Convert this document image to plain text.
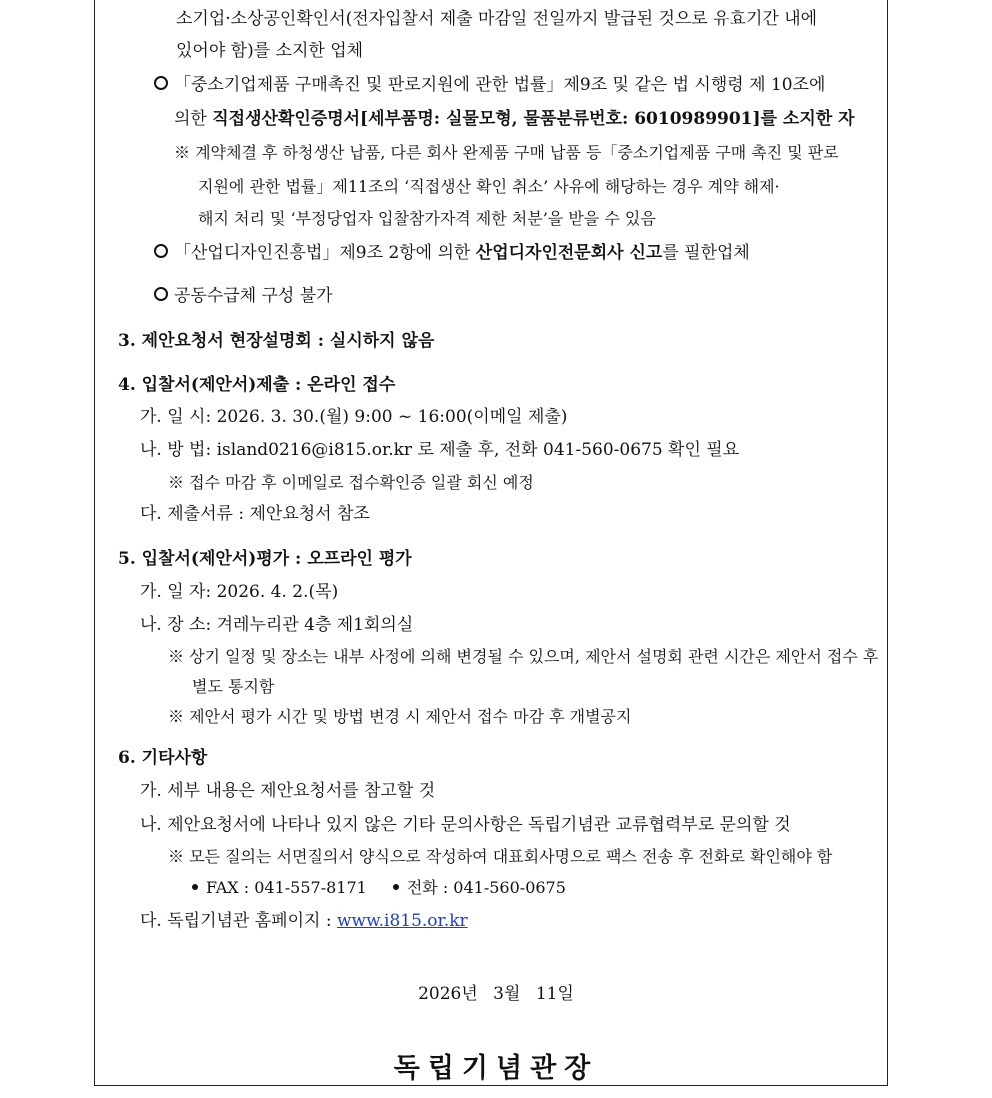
소기업·소상공인확인서(전자입찰서 제출 마감일 전일까지 발급된 것으로 유효기간 내에
있어야 함)를 소지한 업체
「중소기업제품 구매촉진 및 판로지원에 관한 법률」제9조 및 같은 법 시행령 제 10조에
의한 직접생산확인증명서[세부품명: 실물모형, 물품분류번호: 6010989901]를 소지한 자
※ 계약체결 후 하청생산 납품, 다른 회사 완제품 구매 납품 등「중소기업제품 구매 촉진 및 판로
지원에 관한 법률」제11조의 ‘직접생산 확인 취소’ 사유에 해당하는 경우 계약 해제·
해지 처리 및 ‘부정당업자 입찰참가자격 제한 처분’을 받을 수 있음
「산업디자인진흥법」제9조 2항에 의한 산업디자인전문회사 신고를 필한업체
공동수급체 구성 불가
3. 제안요청서 현장설명회 : 실시하지 않음
4. 입찰서(제안서)제출 : 온라인 접수
가. 일 시: 2026. 3. 30.(월) 9:00 ~ 16:00(이메일 제출)
나. 방 법: island0216@i815.or.kr 로 제출 후, 전화 041-560-0675 확인 필요
※ 접수 마감 후 이메일로 접수확인증 일괄 회신 예정
다. 제출서류 : 제안요청서 참조
5. 입찰서(제안서)평가 : 오프라인 평가
가. 일 자: 2026. 4. 2.(목)
나. 장 소: 겨레누리관 4층 제1회의실
※ 상기 일정 및 장소는 내부 사정에 의해 변경될 수 있으며, 제안서 설명회 관련 시간은 제안서 접수 후
별도 통지함
※ 제안서 평가 시간 및 방법 변경 시 제안서 접수 마감 후 개별공지
6. 기타사항
가. 세부 내용은 제안요청서를 참고할 것
나. 제안요청서에 나타나 있지 않은 기타 문의사항은 독립기념관 교류협력부로 문의할 것
※ 모든 질의는 서면질의서 양식으로 작성하여 대표회사명으로 팩스 전송 후 전화로 확인해야 함
FAX : 041-557-8171	전화 : 041-560-0675
다. 독립기념관 홈페이지 : www.i815.or.kr
2026년 3월 11일
독립기념관장
